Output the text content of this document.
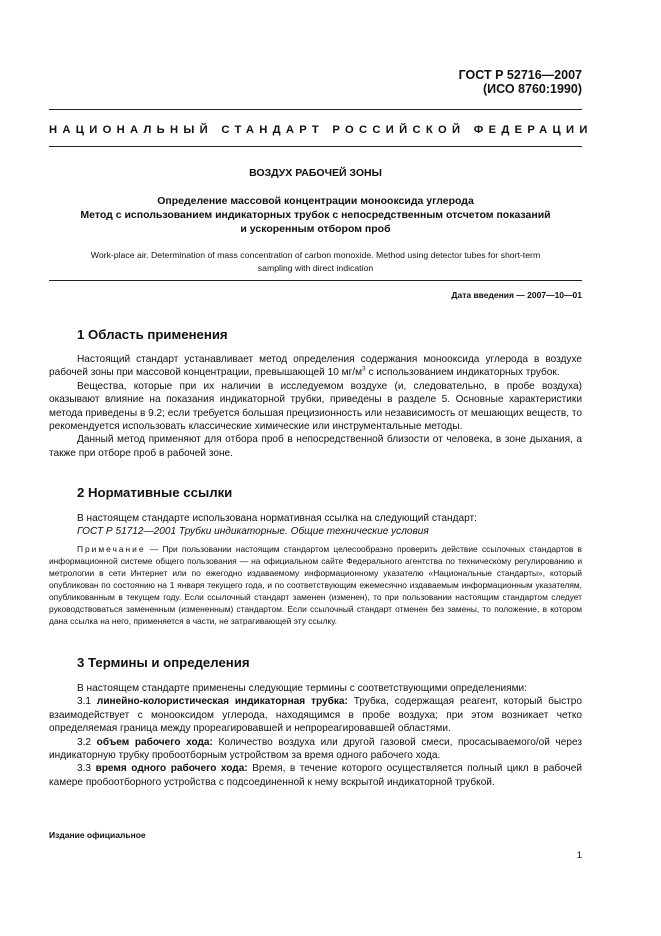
ГОСТ Р 52716—2007
(ИСО 8760:1990)
НАЦИОНАЛЬНЫЙ СТАНДАРТ РОССИЙСКОЙ ФЕДЕРАЦИИ
ВОЗДУХ РАБОЧЕЙ ЗОНЫ
Определение массовой концентрации монооксида углерода
Метод с использованием индикаторных трубок с непосредственным отсчетом показаний
и ускоренным отбором проб
Work-place air. Determination of mass concentration of carbon monoxide. Method using detector tubes for short-term
sampling with direct indication
Дата введения — 2007—10—01
1 Область применения

Настоящий стандарт устанавливает метод определения содержания монооксида углерода в воздухе рабочей зоны при массовой концентрации, превышающей 10 $мг/м^3$ с использованием индикаторных трубок.

Вещества, которые при их наличии в исследуемом воздухе (и, следовательно, в пробе воздуха) оказывают влияние на показания индикаторной трубки, приведены в разделе 5. Основные характеристики метода приведены в 9.2; если требуется большая прецизионность или независимость от мешающих веществ, то рекомендуется использовать классические химические или инструментальные методы.

Данный метод применяют для отбора проб в непосредственной близости от человека, в зоне дыхания, а также при отборе проб в рабочей зоне.

2 Нормативные ссылки

В настоящем стандарте использована нормативная ссылка на следующий стандарт:

ГОСТ Р 51712—2001 Трубки индикаторные. Общие технические условия

Примечание — При пользовании настоящим стандартом целесообразно проверить действие ссылочных стандартов в информационной системе общего пользования — на официальном сайте Федерального агентства по техническому регулированию и метрологии в сети Интернет или по ежегодно издаваемому информационному указателю «Национальные стандарты», который опубликован по состоянию на 1 января текущего года, и по соответствующим ежемесячно издаваемым информационным указателям, опубликованным в текущем году. Если ссылочный стандарт заменен (изменен), то при пользовании настоящим стандартом следует руководствоваться замененным (измененным) стандартом. Если ссылочный стандарт отменен без замены, то положение, в котором дана ссылка на него, применяется в части, не затрагивающей эту ссылку.

3 Термины и определения

В настоящем стандарте применены следующие термины с соответствующими определениями:

3.1 линейно-колористическая индикаторная трубка: Трубка, содержащая реагент, который быстро взаимодействует с монооксидом углерода, находящимся в пробе воздуха; при этом возникает четко определяемая граница между прореагировавшей и непрореагировавшей областями.

3.2 объем рабочего хода: Количество воздуха или другой газовой смеси, просасываемого/ой через индикаторную трубку пробоотборным устройством за время одного рабочего хода.

3.3 время одного рабочего хода: Время, в течение которого осуществляется полный цикл в рабочей камере пробоотборного устройства с подсоединенной к нему вскрытой индикаторной трубкой.

Издание официальное
1
